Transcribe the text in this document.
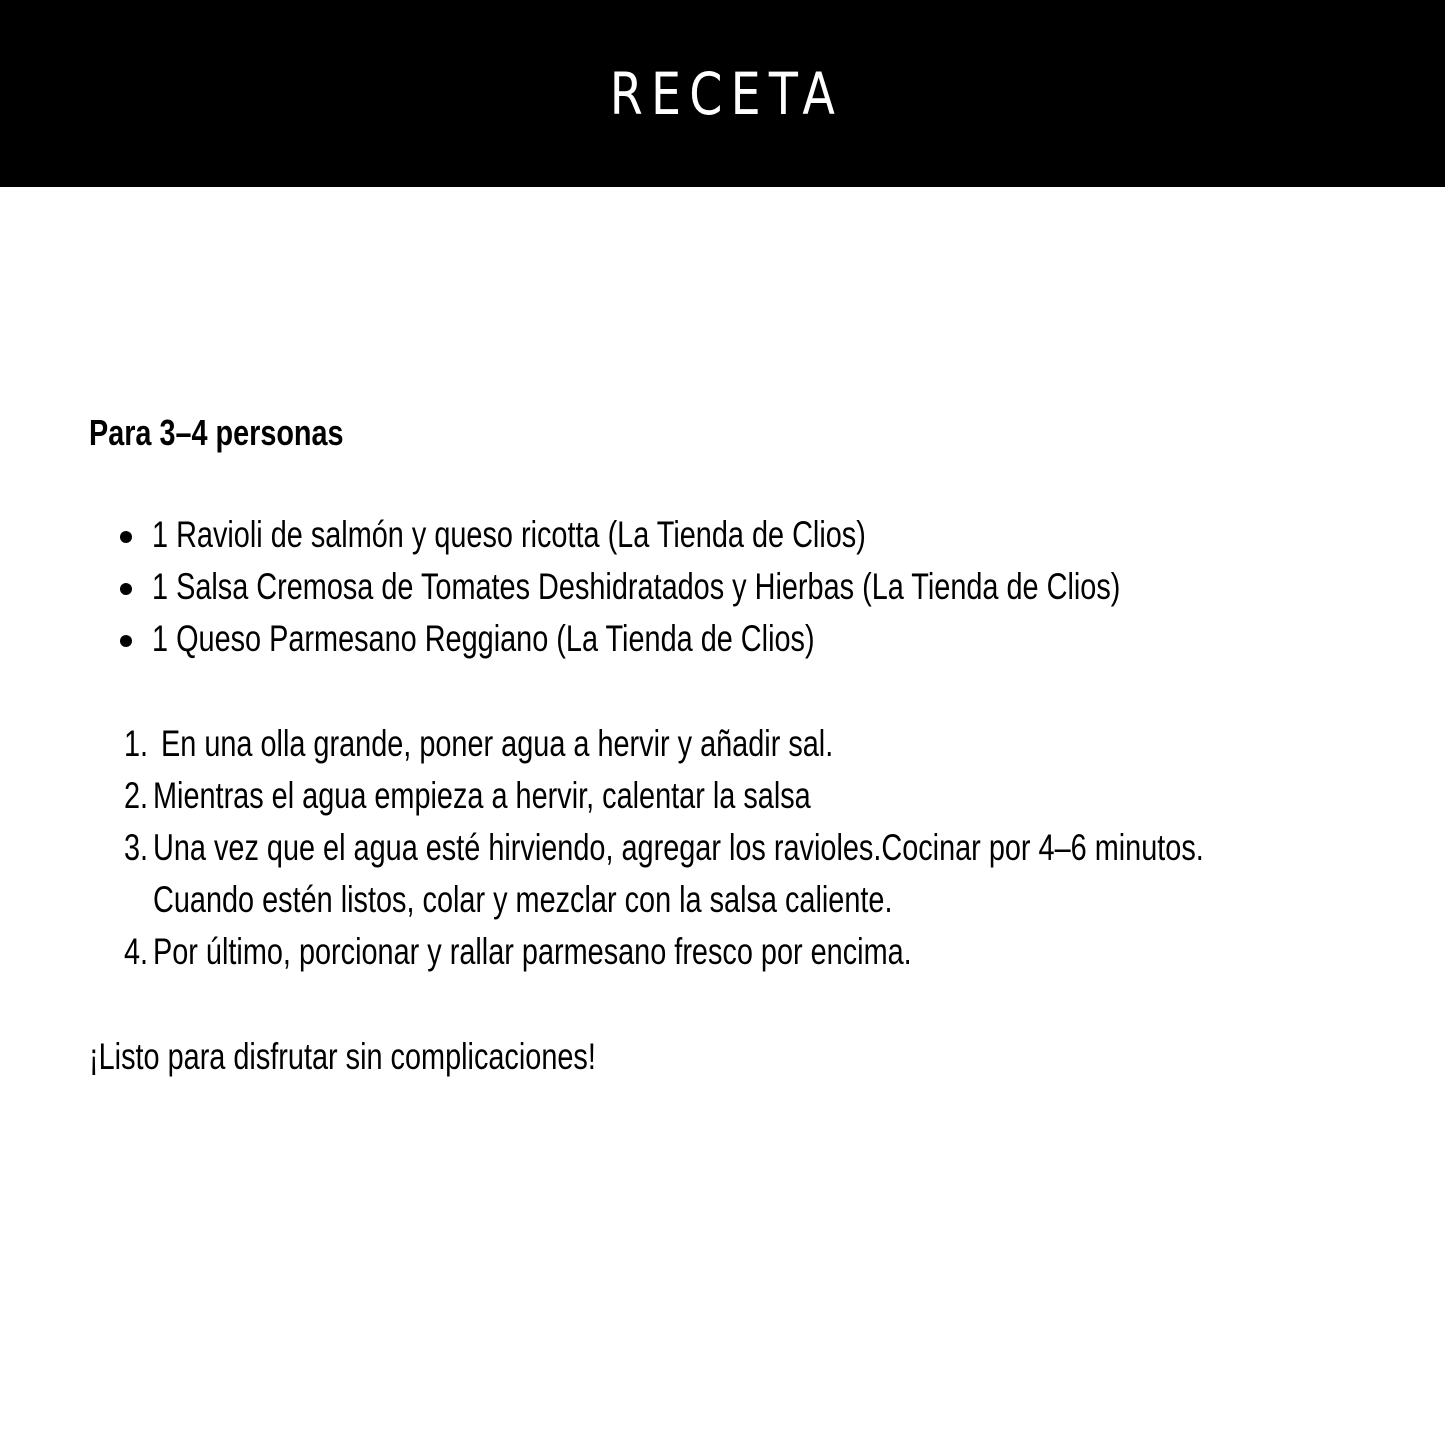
RECETA

Para 3–4 personas

1 Ravioli de salmón y queso ricotta (La Tienda de Clios)
1 Salsa Cremosa de Tomates Deshidratados y Hierbas (La Tienda de Clios)
1 Queso Parmesano Reggiano (La Tienda de Clios)
1. En una olla grande, poner agua a hervir y añadir sal.
2. Mientras el agua empieza a hervir, calentar la salsa
3. Una vez que el agua esté hirviendo, agregar los ravioles.Cocinar por 4–6 minutos.
Cuando estén listos, colar y mezclar con la salsa caliente.
4. Por último, porcionar y rallar parmesano fresco por encima.
¡Listo para disfrutar sin complicaciones!
